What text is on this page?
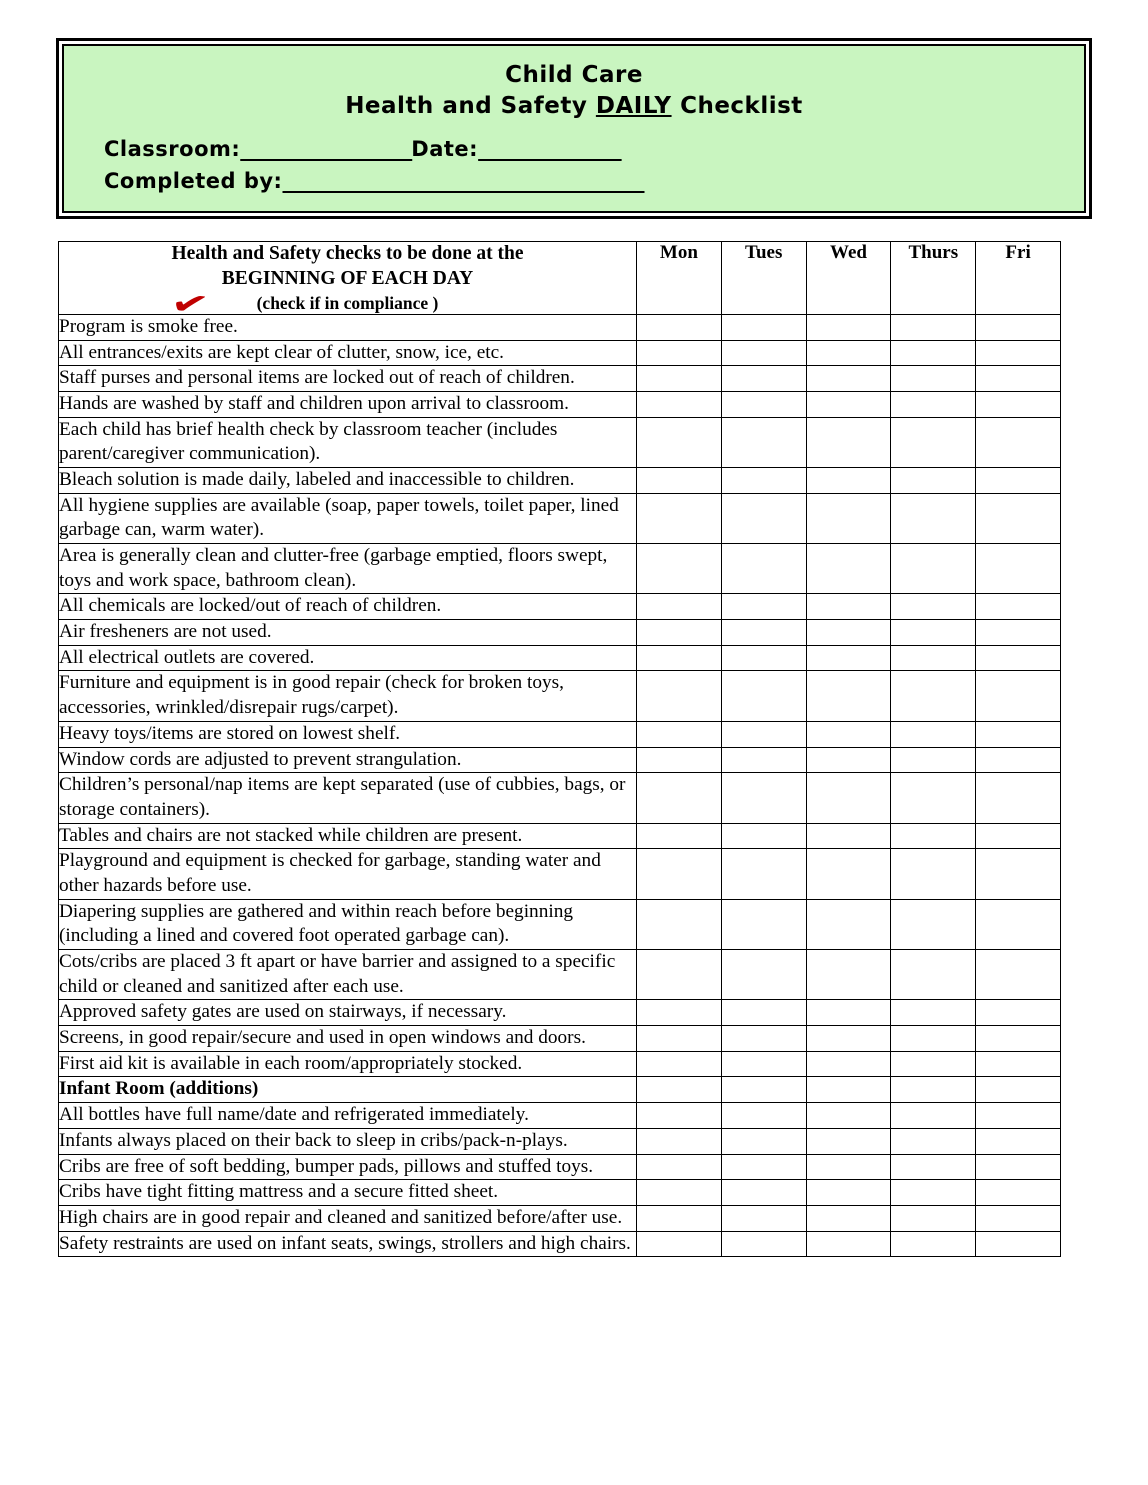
Child Care
Health and Safety DAILY Checklist
Classroom:__________________Date:_______________
Completed by:______________________________________
Health and Safety checks to be done at the
BEGINNING OF EACH DAY
(check if in compliance )
✔	Mon	Tues	Wed	Thurs	Fri
Program is smoke free.					
All entrances/exits are kept clear of clutter, snow, ice, etc.					
Staff purses and personal items are locked out of reach of children.					
Hands are washed by staff and children upon arrival to classroom.					
Each child has brief health check by classroom teacher (includes parent/caregiver communication).					
Bleach solution is made daily, labeled and inaccessible to children.					
All hygiene supplies are available (soap, paper towels, toilet paper, lined garbage can, warm water).					
Area is generally clean and clutter-free (garbage emptied, floors swept, toys and work space, bathroom clean).					
All chemicals are locked/out of reach of children.					
Air fresheners are not used.					
All electrical outlets are covered.					
Furniture and equipment is in good repair (check for broken toys, accessories, wrinkled/disrepair rugs/carpet).					
Heavy toys/items are stored on lowest shelf.					
Window cords are adjusted to prevent strangulation.					
Children’s personal/nap items are kept separated (use of cubbies, bags, or storage containers).					
Tables and chairs are not stacked while children are present.					
Playground and equipment is checked for garbage, standing water and other hazards before use.					
Diapering supplies are gathered and within reach before beginning (including a lined and covered foot operated garbage can).					
Cots/cribs are placed 3 ft apart or have barrier and assigned to a specific child or cleaned and sanitized after each use.					
Approved safety gates are used on stairways, if necessary.					
Screens, in good repair/secure and used in open windows and doors.					
First aid kit is available in each room/appropriately stocked.					
Infant Room (additions)					
All bottles have full name/date and refrigerated immediately.					
Infants always placed on their back to sleep in cribs/pack-n-plays.					
Cribs are free of soft bedding, bumper pads, pillows and stuffed toys.					
Cribs have tight fitting mattress and a secure fitted sheet.					
High chairs are in good repair and cleaned and sanitized before/after use.					
Safety restraints are used on infant seats, swings, strollers and high chairs.					
